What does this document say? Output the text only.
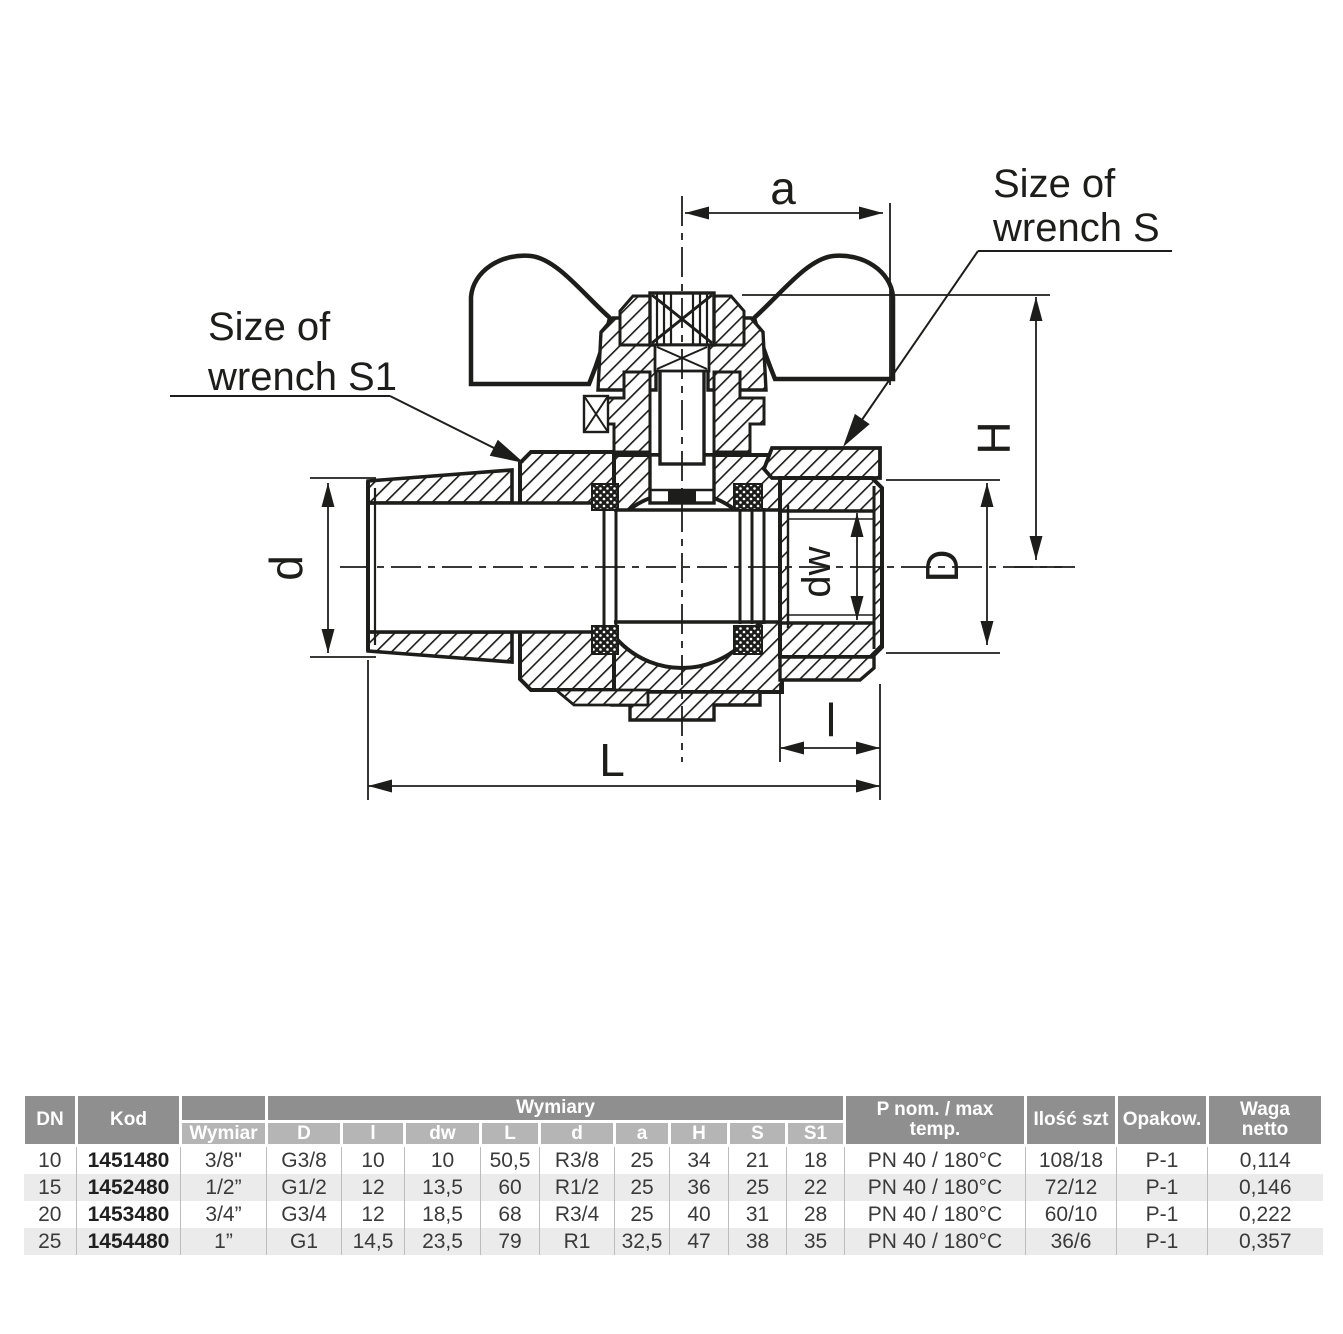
Size of
wrench S1
Size of
wrench S
a
H
d	dw D
l
L
DN	Kod		Wymiary	P nom. / max
temp.	Ilość szt	Opakow.	Waga
netto

		Wymiar	D	l	dw	L	d	a	H	S	S1				
10	1451480	3/8''	G3/8	10	10	50,5	R3/8	25	34	21	18	PN 40 / 180°C	108/18	P-1	0,114
15	1452480	1/2”	G1/2	12	13,5	60	R1/2	25	36	25	22	PN 40 / 180°C	72/12	P-1	0,146
20	1453480	3/4”	G3/4	12	18,5	68	R3/4	25	40	31	28	PN 40 / 180°C	60/10	P-1	0,222
25	1454480	1”	G1	14,5	23,5	79	R1	32,5	47	38	35	PN 40 / 180°C	36/6	P-1	0,357
